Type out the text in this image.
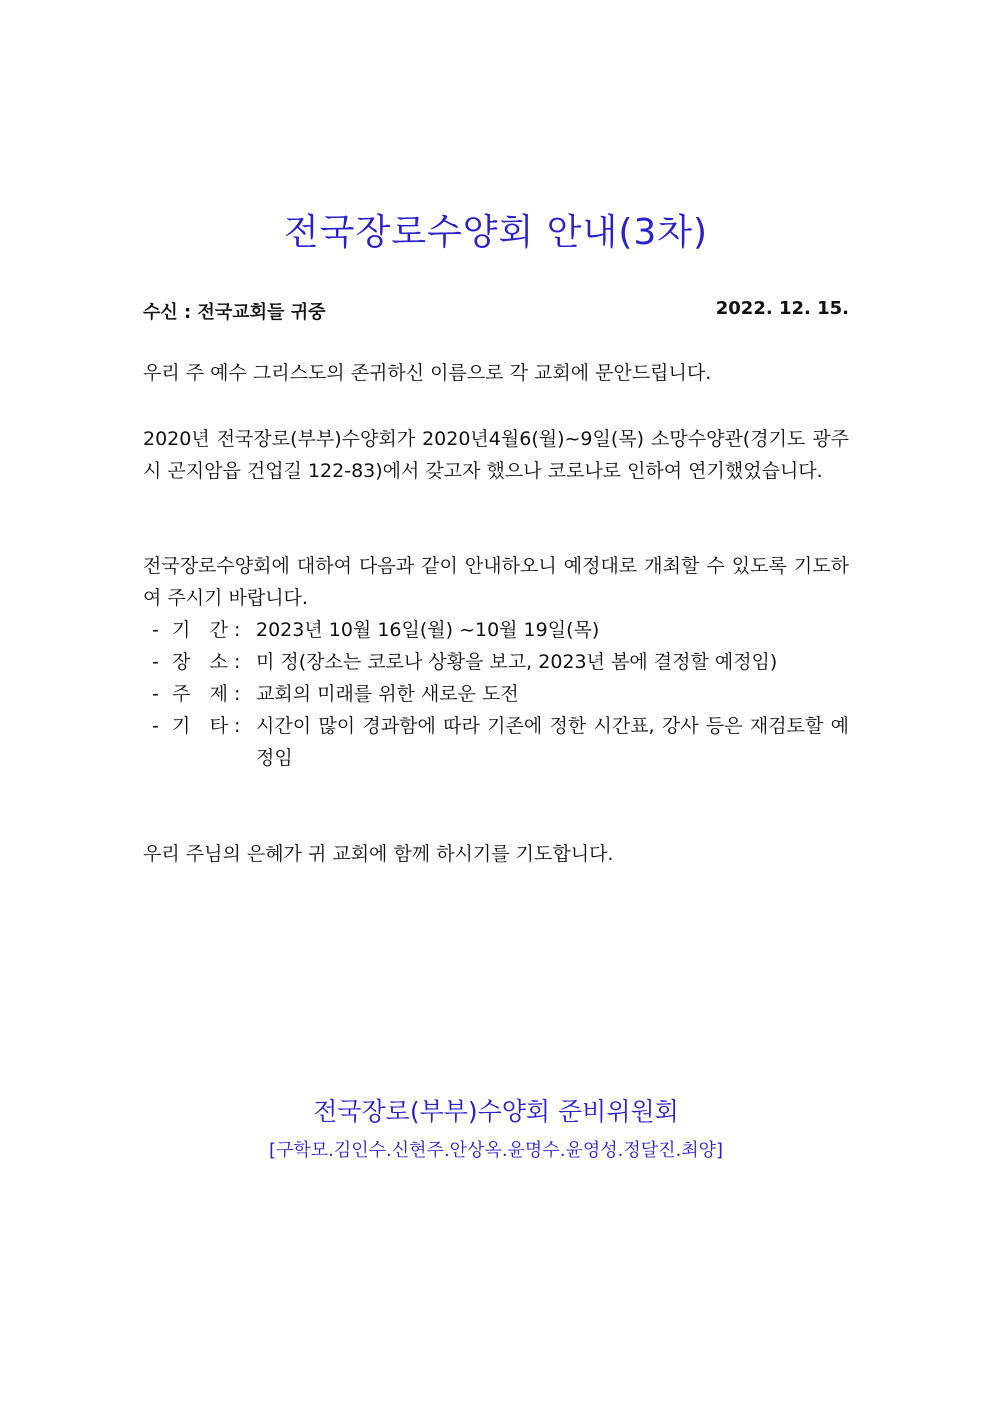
전국장로수양회 안내(3차)
수신 : 전국교회들 귀중	2022. 12. 15.
우리 주 예수 그리스도의 존귀하신 이름으로 각 교회에 문안드립니다.
2020년 전국장로(부부)수양회가 2020년4월6(월)~9일(목) 소망수양관(경기도 광주시 곤지암읍 건업길 122-83)에서 갖고자 했으나 코로나로 인하여 연기했었습니다.
전국장로수양회에 대하여 다음과 같이 안내하오니 예정대로 개최할 수 있도록 기도하여 주시기 바랍니다.
- 기 간 : 2023년 10월 16일(월) ~10월 19일(목)
- 장 소 : 미 정(장소는 코로나 상황을 보고, 2023년 봄에 결정할 예정임)
- 주 제 : 교회의 미래를 위한 새로운 도전
- 기 타 : 시간이 많이 경과함에 따라 기존에 정한 시간표, 강사 등은 재검토할 예정임
우리 주님의 은혜가 귀 교회에 함께 하시기를 기도합니다.
전국장로(부부)수양회 준비위원회
[구학모.김인수.신현주.안상옥.윤명수.윤영성.정달진.최양]
